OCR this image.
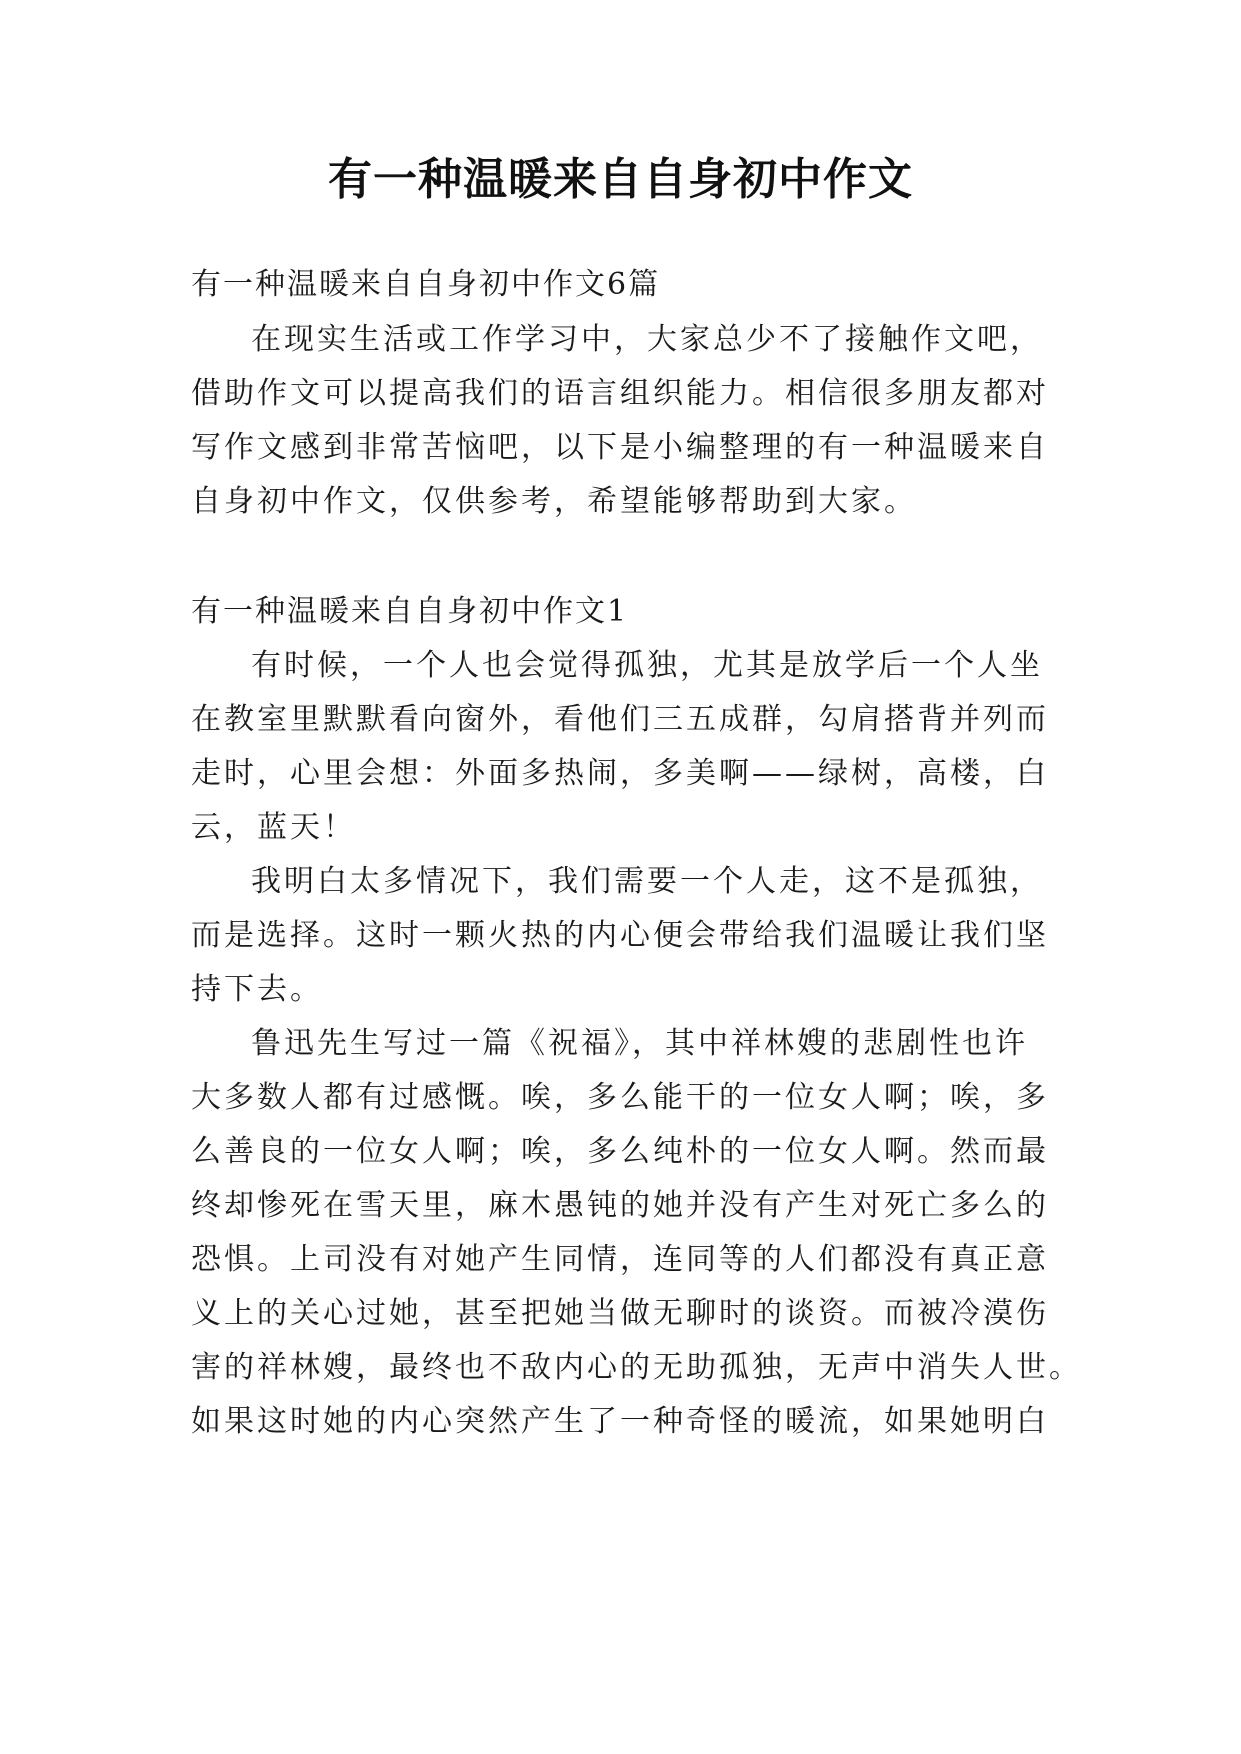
有一种温暖来自自身初中作文
有一种温暖来自自身初中作文6篇
在现实生活或工作学习中，大家总少不了接触作文吧，
借助作文可以提高我们的语言组织能力。相信很多朋友都对
写作文感到非常苦恼吧，以下是小编整理的有一种温暖来自
自身初中作文，仅供参考，希望能够帮助到大家。
有一种温暖来自自身初中作文1
有时候，一个人也会觉得孤独，尤其是放学后一个人坐
在教室里默默看向窗外，看他们三五成群，勾肩搭背并列而
走时，心里会想：外面多热闹，多美啊——绿树，高楼，白
云，蓝天！
我明白太多情况下，我们需要一个人走，这不是孤独，
而是选择。这时一颗火热的内心便会带给我们温暖让我们坚
持下去。
鲁迅先生写过一篇《祝福》，其中祥林嫂的悲剧性也许
大多数人都有过感慨。唉，多么能干的一位女人啊；唉，多
么善良的一位女人啊；唉，多么纯朴的一位女人啊。然而最
终却惨死在雪天里，麻木愚钝的她并没有产生对死亡多么的
恐惧。上司没有对她产生同情，连同等的人们都没有真正意
义上的关心过她，甚至把她当做无聊时的谈资。而被冷漠伤
害的祥林嫂，最终也不敌内心的无助孤独，无声中消失人世。
如果这时她的内心突然产生了一种奇怪的暖流，如果她明白
